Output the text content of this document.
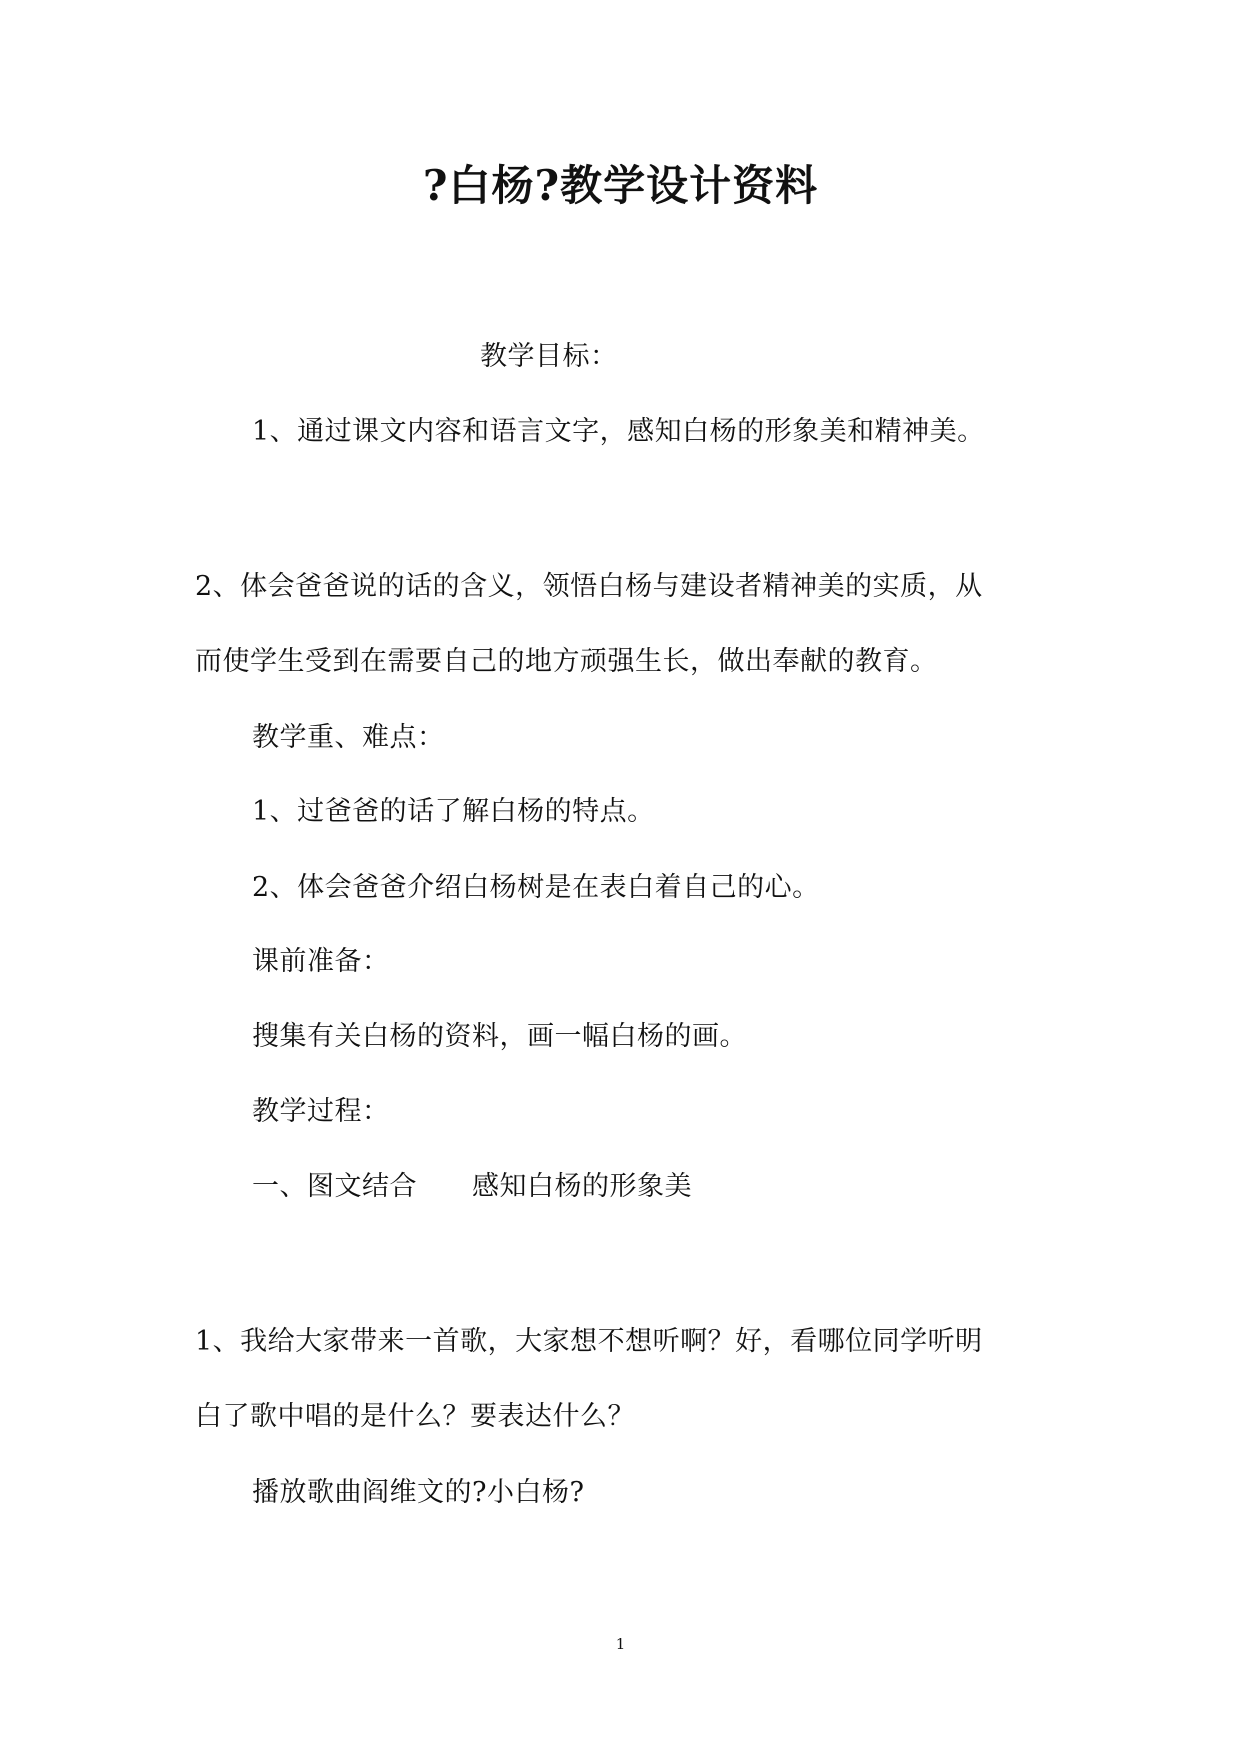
?白杨?教学设计资料
教学目标：
1、通过课文内容和语言文字，感知白杨的形象美和精神美。
2、体会爸爸说的话的含义，领悟白杨与建设者精神美的实质，从
而使学生受到在需要自己的地方顽强生长，做出奉献的教育。
教学重、难点：
1、过爸爸的话了解白杨的特点。
2、体会爸爸介绍白杨树是在表白着自己的心。
课前准备：
搜集有关白杨的资料，画一幅白杨的画。
教学过程：
一、图文结合　　感知白杨的形象美
1、我给大家带来一首歌，大家想不想听啊？好，看哪位同学听明
白了歌中唱的是什么？要表达什么？
播放歌曲阎维文的?小白杨?
1
